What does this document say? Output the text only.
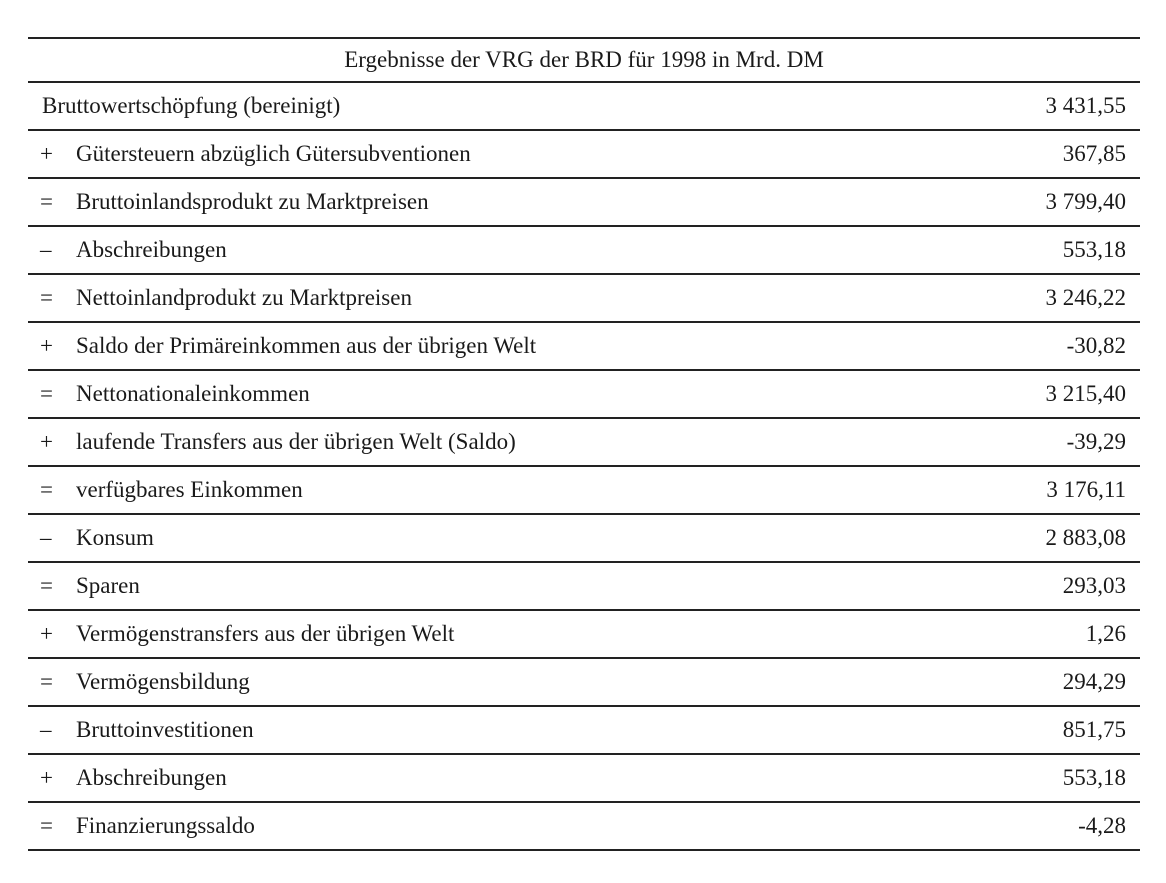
Ergebnisse der VRG der BRD für 1998 in Mrd. DM
Bruttowertschöpfung (bereinigt)	3 431,55
+	Gütersteuern abzüglich Gütersubventionen	367,85
=	Bruttoinlandsprodukt zu Marktpreisen	3 799,40
–	Abschreibungen	553,18
=	Nettoinlandprodukt zu Marktpreisen	3 246,22
+	Saldo der Primäreinkommen aus der übrigen Welt	-30,82
=	Nettonationaleinkommen	3 215,40
+	laufende Transfers aus der übrigen Welt (Saldo)	-39,29
=	verfügbares Einkommen	3 176,11
–	Konsum	2 883,08
=	Sparen	293,03
+	Vermögenstransfers aus der übrigen Welt	1,26
=	Vermögensbildung	294,29
–	Bruttoinvestitionen	851,75
+	Abschreibungen	553,18
=	Finanzierungssaldo	-4,28
